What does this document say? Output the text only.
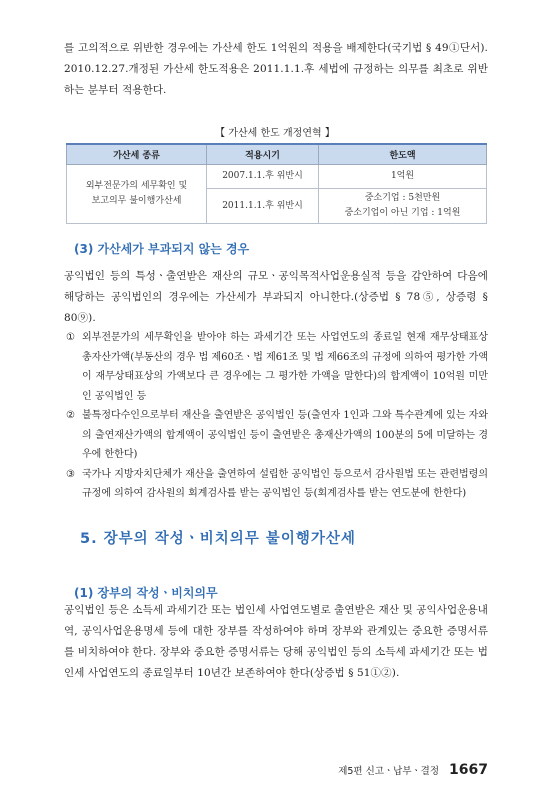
를 고의적으로 위반한 경우에는 가산세 한도 1억원의 적용을 배제한다(국기법 § 49①단서). 2010.12.27.개정된 가산세 한도적용은 2011.1.1.후 세법에 규정하는 의무를 최초로 위반하는 분부터 적용한다.

【 가산세 한도 개정연혁 】
가산세 종류	적용시기	한도액

외부전문가의 세무확인 및
보고의무 불이행가산세	2007.1.1.후 위반시	1억원
	2011.1.1.후 위반시	중소기업 : 5천만원
중소기업이 아닌 기업 : 1억원
(3) 가산세가 부과되지 않는 경우

공익법인 등의 특성ㆍ출연받은 재산의 규모ㆍ공익목적사업운용실적 등을 감안하여 다음에 해당하는 공익법인의 경우에는 가산세가 부과되지 아니한다.(상증법 § 78⑤, 상증령 § 80⑨).

① 외부전문가의 세무확인을 받아야 하는 과세기간 또는 사업연도의 종료일 현재 재무상태표상 총자산가액(부동산의 경우 법 제60조ㆍ법 제61조 및 법 제66조의 규정에 의하여 평가한 가액이 재무상태표상의 가액보다 큰 경우에는 그 평가한 가액을 말한다)의 합계액이 10억원 미만인 공익법인 등
② 불특정다수인으로부터 재산을 출연받은 공익법인 등(출연자 1인과 그와 특수관계에 있는 자와의 출연재산가액의 합계액이 공익법인 등이 출연받은 총재산가액의 100분의 5에 미달하는 경우에 한한다)
③ 국가나 지방자치단체가 재산을 출연하여 설립한 공익법인 등으로서 감사원법 또는 관련법령의 규정에 의하여 감사원의 회계검사를 받는 공익법인 등(회계검사를 받는 연도분에 한한다)
5. 장부의 작성ㆍ비치의무 불이행가산세
(1) 장부의 작성ㆍ비치의무

공익법인 등은 소득세 과세기간 또는 법인세 사업연도별로 출연받은 재산 및 공익사업운용내역, 공익사업운용명세 등에 대한 장부를 작성하여야 하며 장부와 관계있는 중요한 증명서류를 비치하여야 한다. 장부와 중요한 증명서류는 당해 공익법인 등의 소득세 과세기간 또는 법인세 사업연도의 종료일부터 10년간 보존하여야 한다(상증법 § 51①②).

제5편 신고ㆍ납부ㆍ결정 1667
